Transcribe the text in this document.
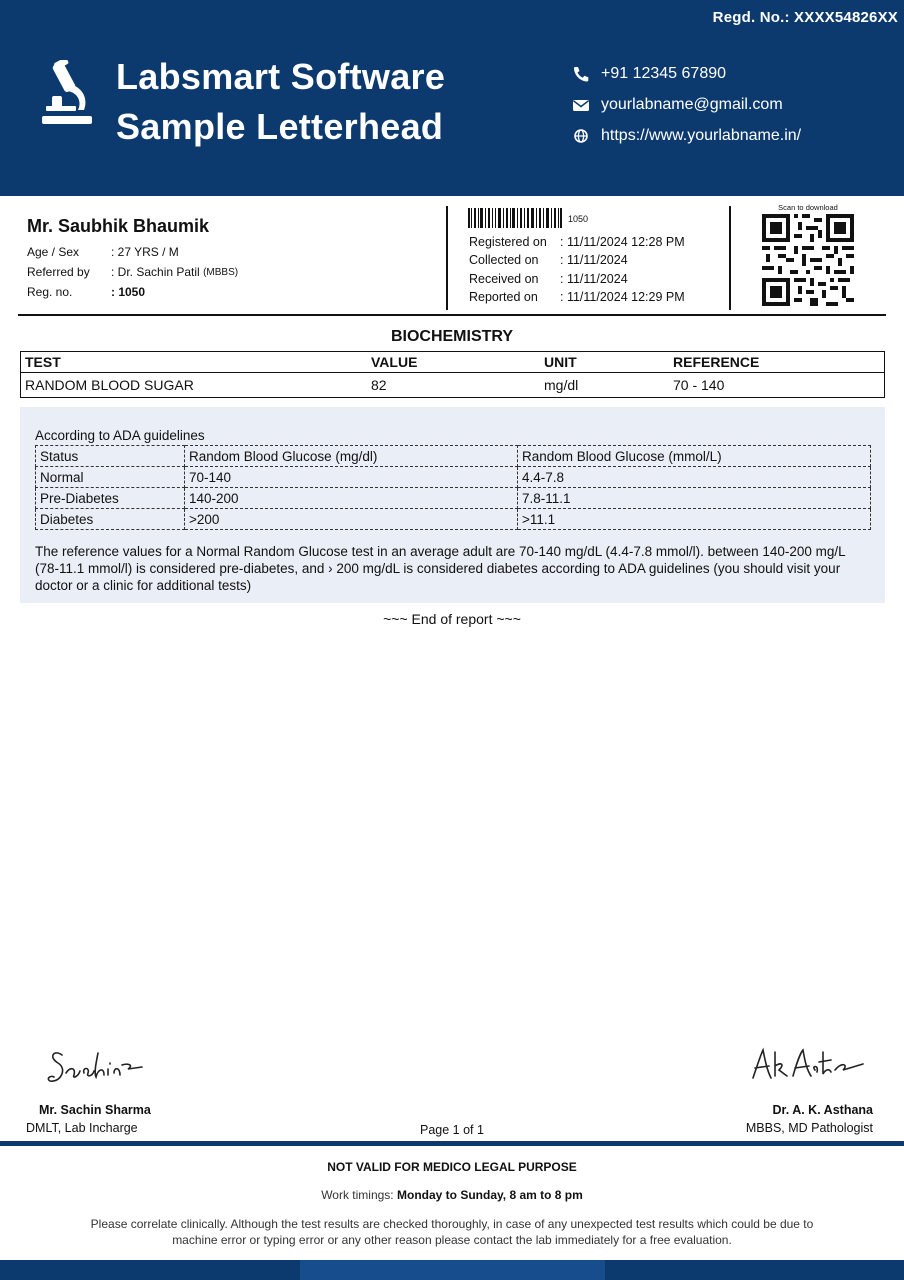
Regd. No.: XXXX54826XX
Labsmart Software
Sample Letterhead
+91 12345 67890
yourlabname@gmail.com
https://www.yourlabname.in/
Mr. Saubhik Bhaumik
Age / Sex	: 27 YRS / M
Referred by	: Dr. Sachin Patil
(MBBS)
Reg. no.	: 1050
1050
Registered on	: 11/11/2024 12:28 PM
Collected on	: 11/11/2024
Received on	: 11/11/2024
Reported on	: 11/11/2024 12:29 PM
Scan to download
BIOCHEMISTRY
TEST	VALUE	UNIT	REFERENCE
RANDOM BLOOD SUGAR	82	mg/dl	70 - 140
According to ADA guidelines
Status	Random Blood Glucose (mg/dl)	Random Blood Glucose (mmol/L)
Normal	70-140	4.4-7.8
Pre-Diabetes	140-200	7.8-11.1
Diabetes	>200	>11.1
The reference values for a Normal Random Glucose test in an average adult are 70-140 mg/dL (4.4-7.8 mmol/l). between 140-200 mg/L (78-11.1 mmol/l) is considered pre-diabetes, and › 200 mg/dL is considered diabetes according to ADA guidelines (you should visit your doctor or a clinic for additional tests)
~~~ End of report ~~~
Mr. Sachin Sharma
DMLT, Lab Incharge
Dr. A. K. Asthana
MBBS, MD Pathologist
Page 1 of 1
NOT VALID FOR MEDICO LEGAL PURPOSE
Work timings: Monday to Sunday, 8 am to 8 pm
Please correlate clinically. Although the test results are checked thoroughly, in case of any unexpected test results which could be due to machine error or typing error or any other reason please contact the lab immediately for a free evaluation.
